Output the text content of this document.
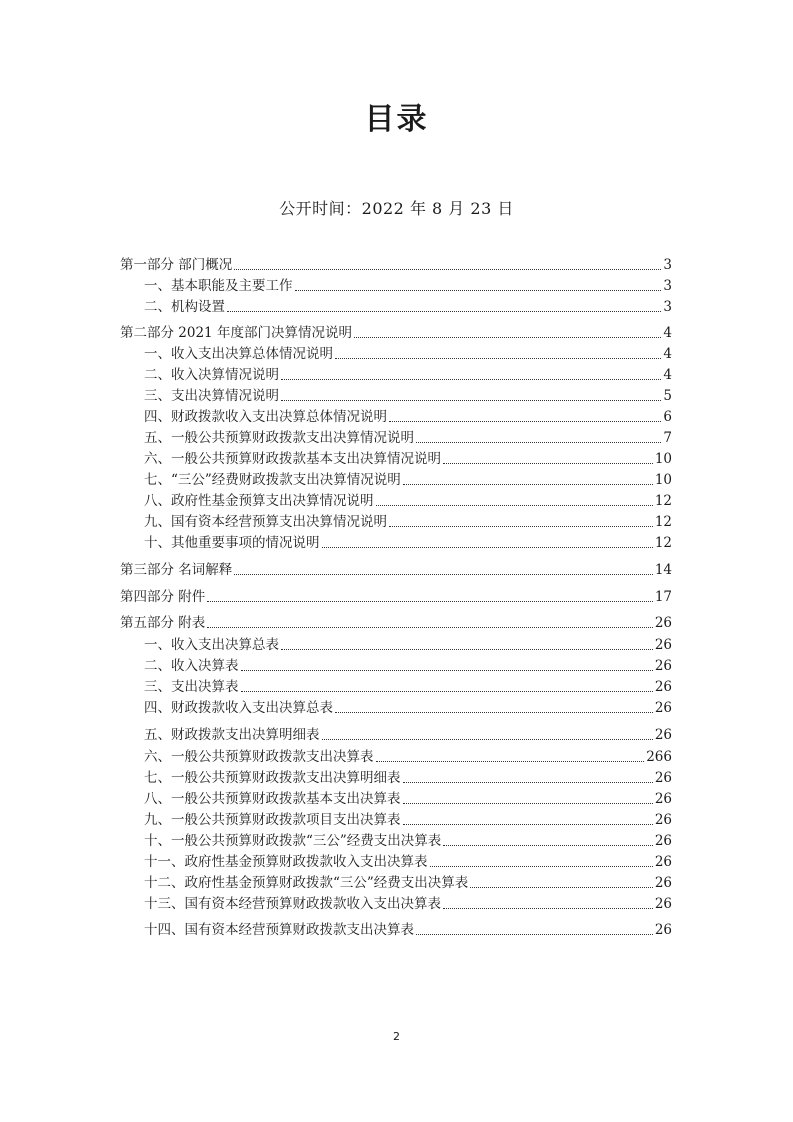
目录
公开时间：2022 年 8 月 23 日
第一部分 部门概况	3
一、基本职能及主要工作	3
二、机构设置	3
第二部分 2021 年度部门决算情况说明	4
一、收入支出决算总体情况说明	4
二、收入决算情况说明	4
三、支出决算情况说明	5
四、财政拨款收入支出决算总体情况说明	6
五、一般公共预算财政拨款支出决算情况说明	7
六、一般公共预算财政拨款基本支出决算情况说明	10
七、“三公”经费财政拨款支出决算情况说明	10
八、政府性基金预算支出决算情况说明	12
九、国有资本经营预算支出决算情况说明	12
十、其他重要事项的情况说明	12
第三部分 名词解释	14
第四部分 附件	17
第五部分 附表	26
一、收入支出决算总表	26
二、收入决算表	26
三、支出决算表	26
四、财政拨款收入支出决算总表	26
五、财政拨款支出决算明细表	26
六、一般公共预算财政拨款支出决算表	266
七、一般公共预算财政拨款支出决算明细表	26
八、一般公共预算财政拨款基本支出决算表	26
九、一般公共预算财政拨款项目支出决算表	26
十、一般公共预算财政拨款“三公”经费支出决算表	26
十一、政府性基金预算财政拨款收入支出决算表	26
十二、政府性基金预算财政拨款“三公”经费支出决算表	26
十三、国有资本经营预算财政拨款收入支出决算表	26
十四、国有资本经营预算财政拨款支出决算表	26
2
